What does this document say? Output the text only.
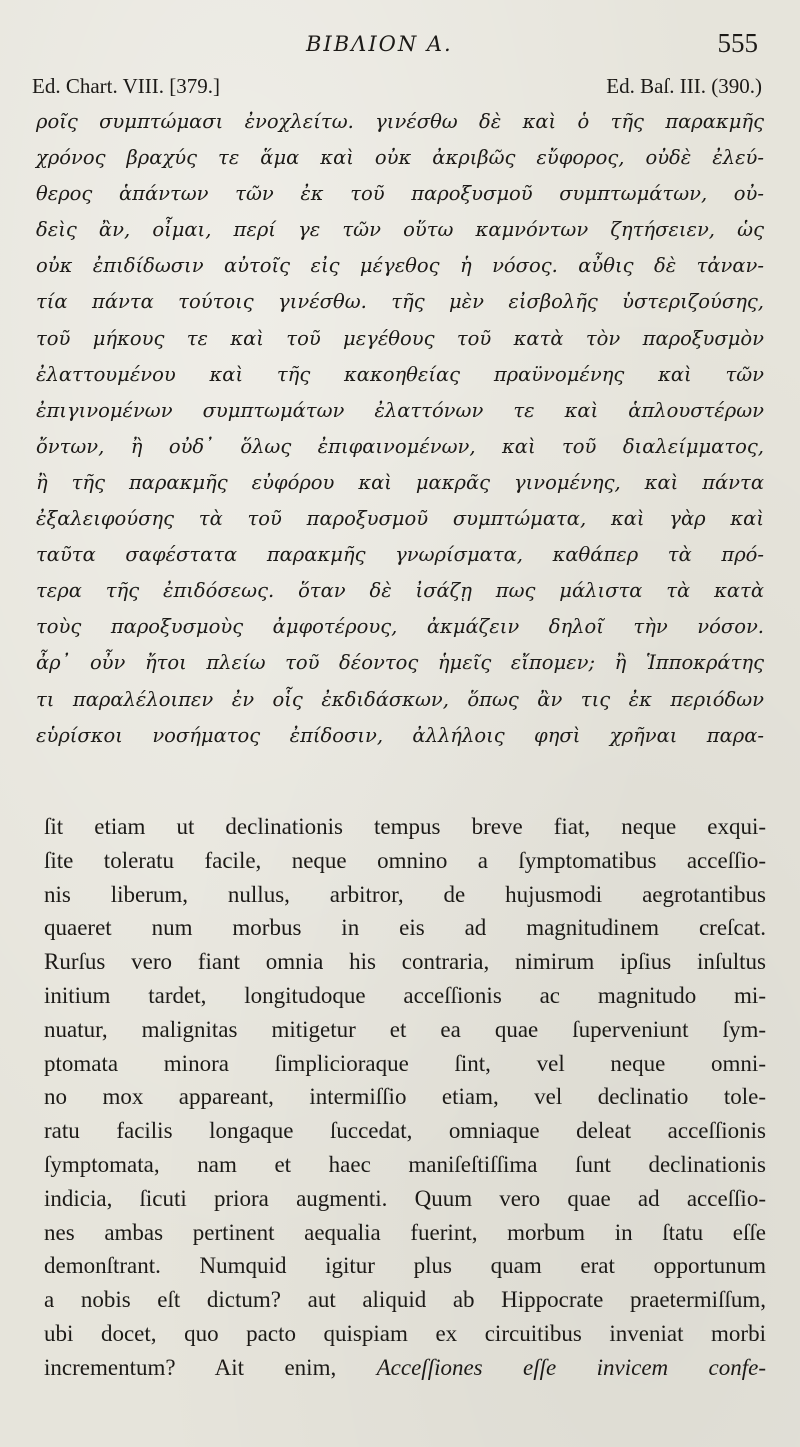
ΒΙΒΛΙΟΝ Α.	555
Ed. Chart. VIII. [379.]	Ed. Baſ. III. (390.)
ροῖς συμπτώμασι ἐνοχλείτω. γινέσθω δὲ καὶ ὁ τῆς παρακμῆς
χρόνος βραχύς τε ἅμα καὶ οὐκ ἀκριβῶς εὔφορος, οὐδὲ ἐλεύ-
θερος ἁπάντων τῶν ἐκ τοῦ παροξυσμοῦ συμπτωμάτων, οὐ-
δεὶς ἂν, οἶμαι, περί γε τῶν οὕτω καμνόντων ζητήσειεν, ὡς
οὐκ ἐπιδίδωσιν αὐτοῖς εἰς μέγεθος ἡ νόσος. αὖθις δὲ τἀναν-
τία πάντα τούτοις γινέσθω. τῆς μὲν εἰσβολῆς ὑστεριζούσης,
τοῦ μήκους τε καὶ τοῦ μεγέθους τοῦ κατὰ τὸν παροξυσμὸν
ἐλαττουμένου καὶ τῆς κακοηθείας πραϋνομένης καὶ τῶν
ἐπιγινομένων συμπτωμάτων ἐλαττόνων τε καὶ ἁπλουστέρων
ὄντων, ἢ οὐδ᾽ ὅλως ἐπιφαινομένων, καὶ τοῦ διαλείμματος,
ἢ τῆς παρακμῆς εὐφόρου καὶ μακρᾶς γινομένης, καὶ πάντα
ἐξαλειφούσης τὰ τοῦ παροξυσμοῦ συμπτώματα, καὶ γὰρ καὶ
ταῦτα σαφέστατα παρακμῆς γνωρίσματα, καθάπερ τὰ πρό-
τερα τῆς ἐπιδόσεως. ὅταν δὲ ἰσάζῃ πως μάλιστα τὰ κατὰ
τοὺς παροξυσμοὺς ἀμφοτέρους, ἀκμάζειν δηλοῖ τὴν νόσον.
ἆρ᾽ οὖν ἤτοι πλείω τοῦ δέοντος ἡμεῖς εἴπομεν; ἢ Ἱπποκράτης
τι παραλέλοιπεν ἐν οἷς ἐκδιδάσκων, ὅπως ἂν τις ἐκ περιόδων
εὑρίσκοι νοσήματος ἐπίδοσιν, ἀλλήλοις φησὶ χρῆναι παρα-
ſit etiam ut declinationis tempus breve fiat, neque exqui-
ſite toleratu facile, neque omnino a ſymptomatibus acceſſio-
nis liberum, nullus, arbitror, de hujusmodi aegrotantibus
quaeret num morbus in eis ad magnitudinem creſcat.
Rurſus vero fiant omnia his contraria, nimirum ipſius inſultus
initium tardet, longitudoque acceſſionis ac magnitudo mi-
nuatur, malignitas mitigetur et ea quae ſuperveniunt ſym-
ptomata minora ſimplicioraque ſint, vel neque omni-
no mox appareant, intermiſſio etiam, vel declinatio tole-
ratu facilis longaque ſuccedat, omniaque deleat acceſſionis
ſymptomata, nam et haec maniſeſtiſſima ſunt declinationis
indicia, ſicuti priora augmenti. Quum vero quae ad acceſſio-
nes ambas pertinent aequalia fuerint, morbum in ſtatu eſſe
demonſtrant. Numquid igitur plus quam erat opportunum
a nobis eſt dictum? aut aliquid ab Hippocrate praetermiſſum,
ubi docet, quo pacto quispiam ex circuitibus inveniat morbi
incrementum? Ait enim, Acceſſiones eſſe invicem confe-
